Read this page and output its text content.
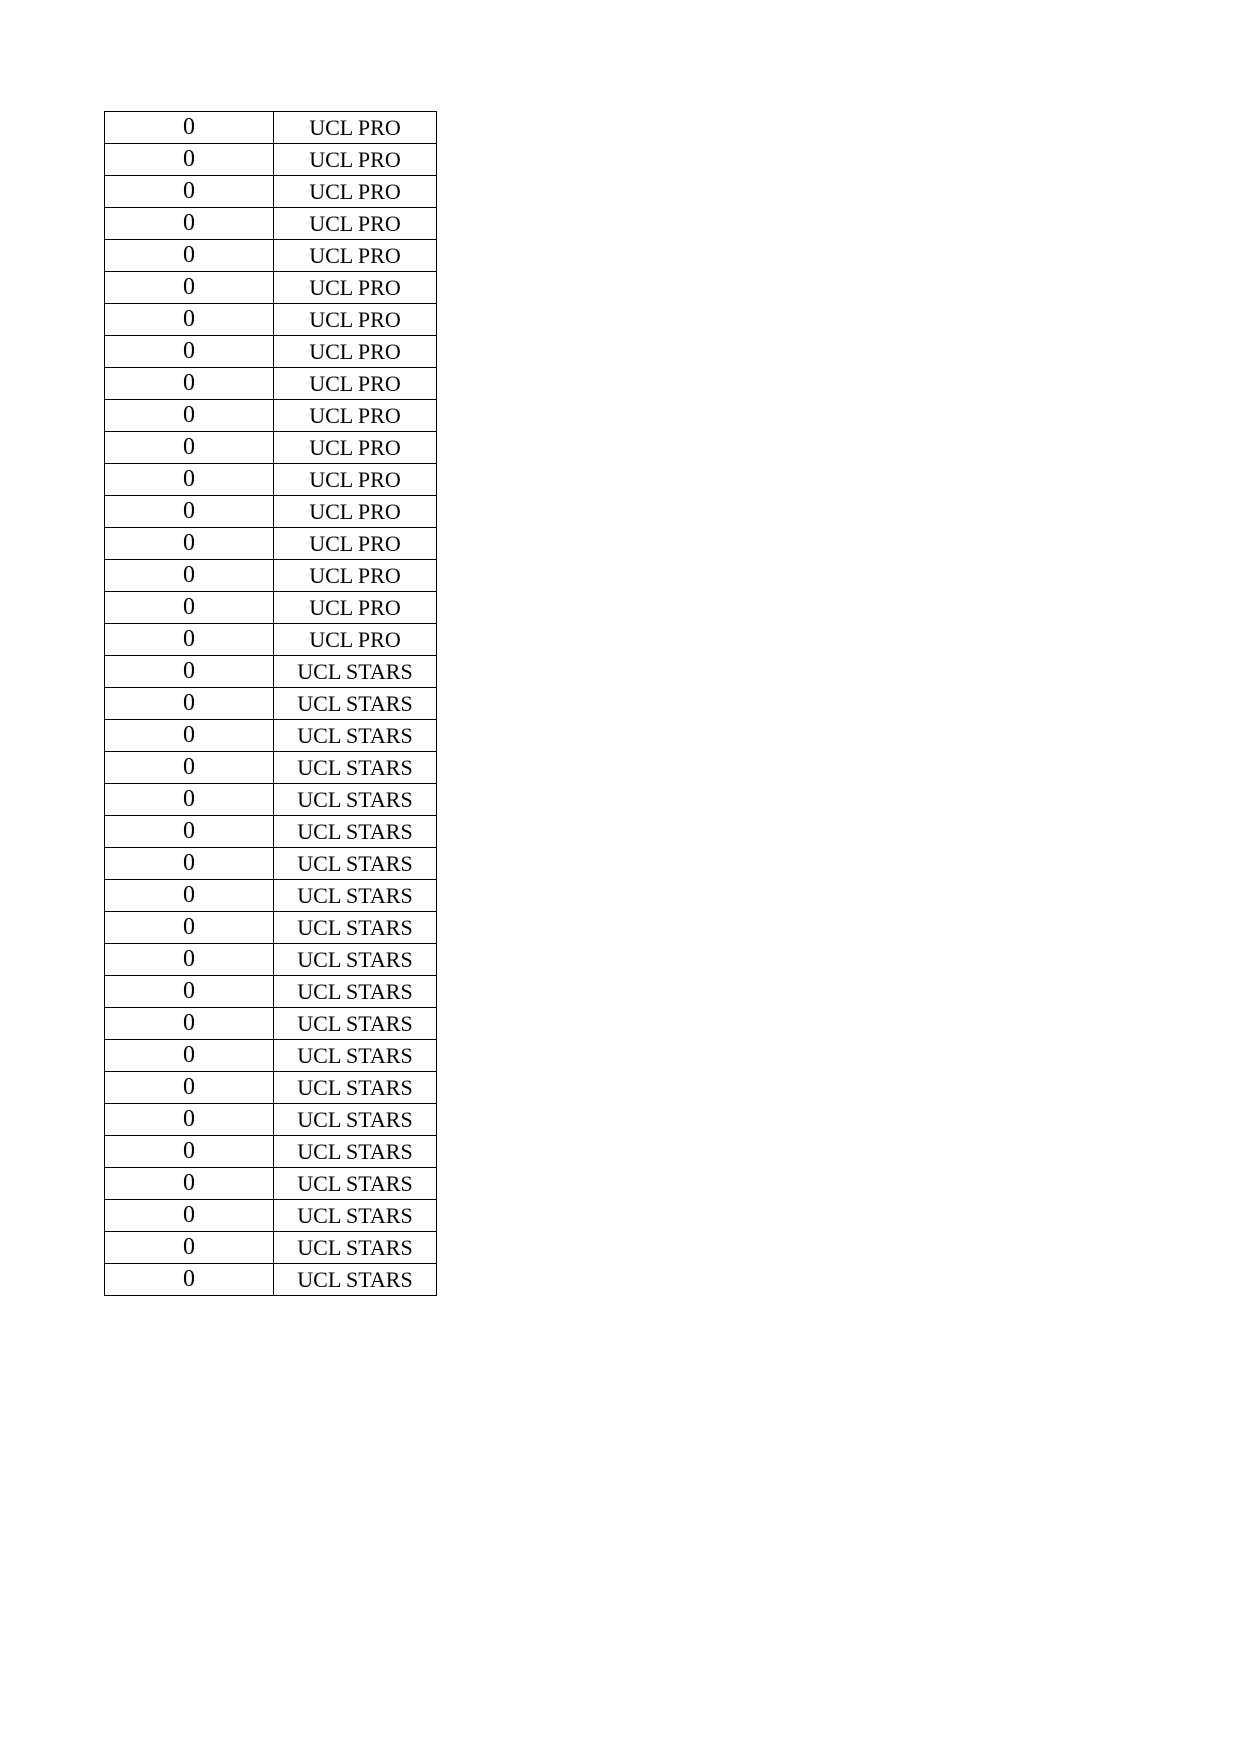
0	UCL PRO
0	UCL PRO
0	UCL PRO
0	UCL PRO
0	UCL PRO
0	UCL PRO
0	UCL PRO
0	UCL PRO
0	UCL PRO
0	UCL PRO
0	UCL PRO
0	UCL PRO
0	UCL PRO
0	UCL PRO
0	UCL PRO
0	UCL PRO
0	UCL PRO
0	UCL STARS
0	UCL STARS
0	UCL STARS
0	UCL STARS
0	UCL STARS
0	UCL STARS
0	UCL STARS
0	UCL STARS
0	UCL STARS
0	UCL STARS
0	UCL STARS
0	UCL STARS
0	UCL STARS
0	UCL STARS
0	UCL STARS
0	UCL STARS
0	UCL STARS
0	UCL STARS
0	UCL STARS
0	UCL STARS
